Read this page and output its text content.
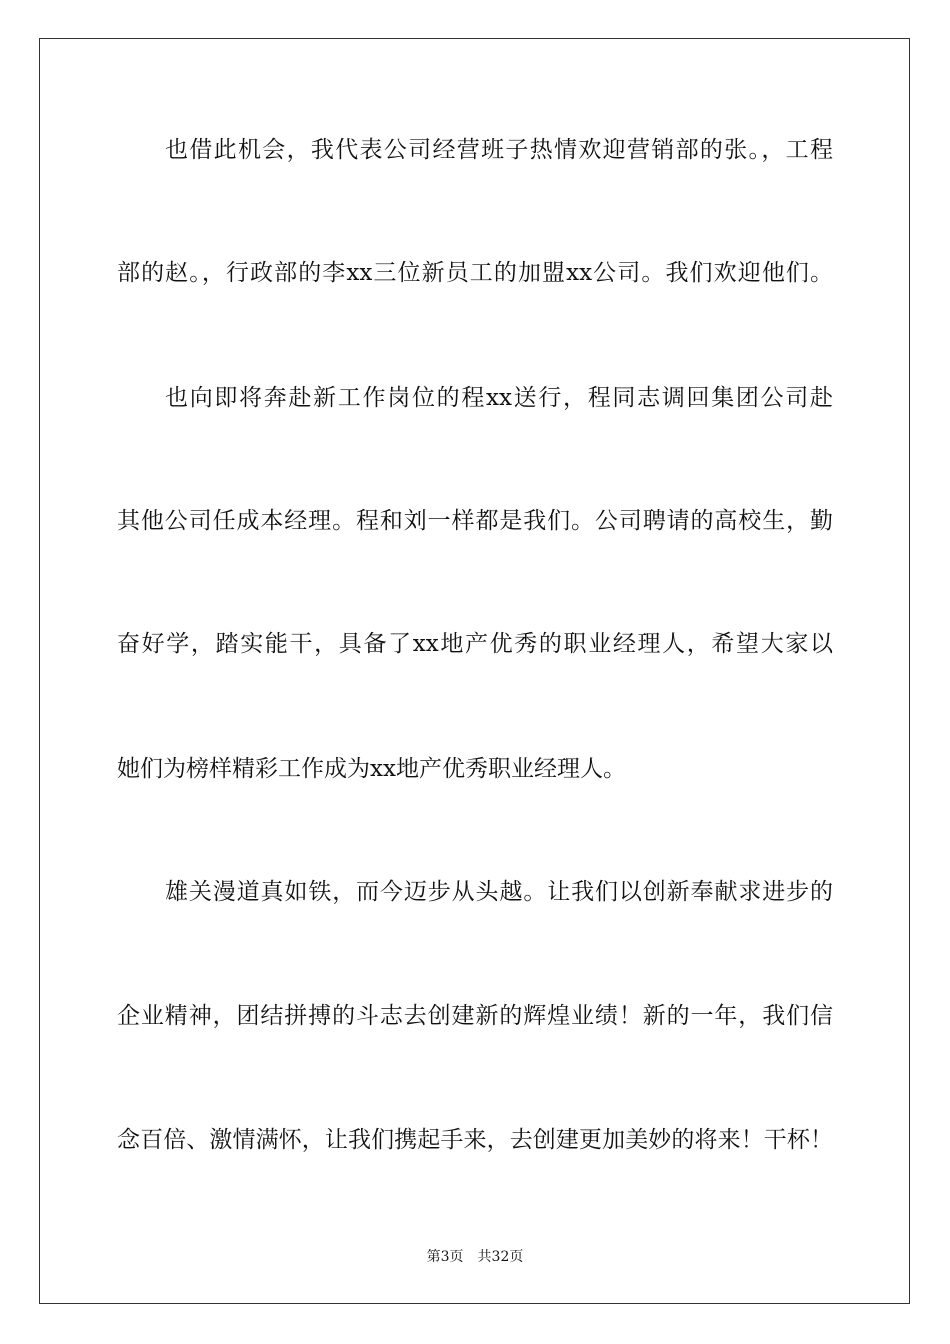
也借此机会，我代表公司经营班子热情欢迎营销部的张。，工程
部的赵。，行政部的李xx三位新员工的加盟xx公司。我们欢迎他们。
也向即将奔赴新工作岗位的程xx送行，程同志调回集团公司赴
其他公司任成本经理。程和刘一样都是我们。公司聘请的高校生，勤
奋好学，踏实能干，具备了xx地产优秀的职业经理人，希望大家以
她们为榜样精彩工作成为xx地产优秀职业经理人。
雄关漫道真如铁，而今迈步从头越。让我们以创新奉献求进步的
企业精神，团结拼搏的斗志去创建新的辉煌业绩！新的一年，我们信
念百倍、激情满怀，让我们携起手来，去创建更加美妙的将来！干杯！
第3页 共32页
